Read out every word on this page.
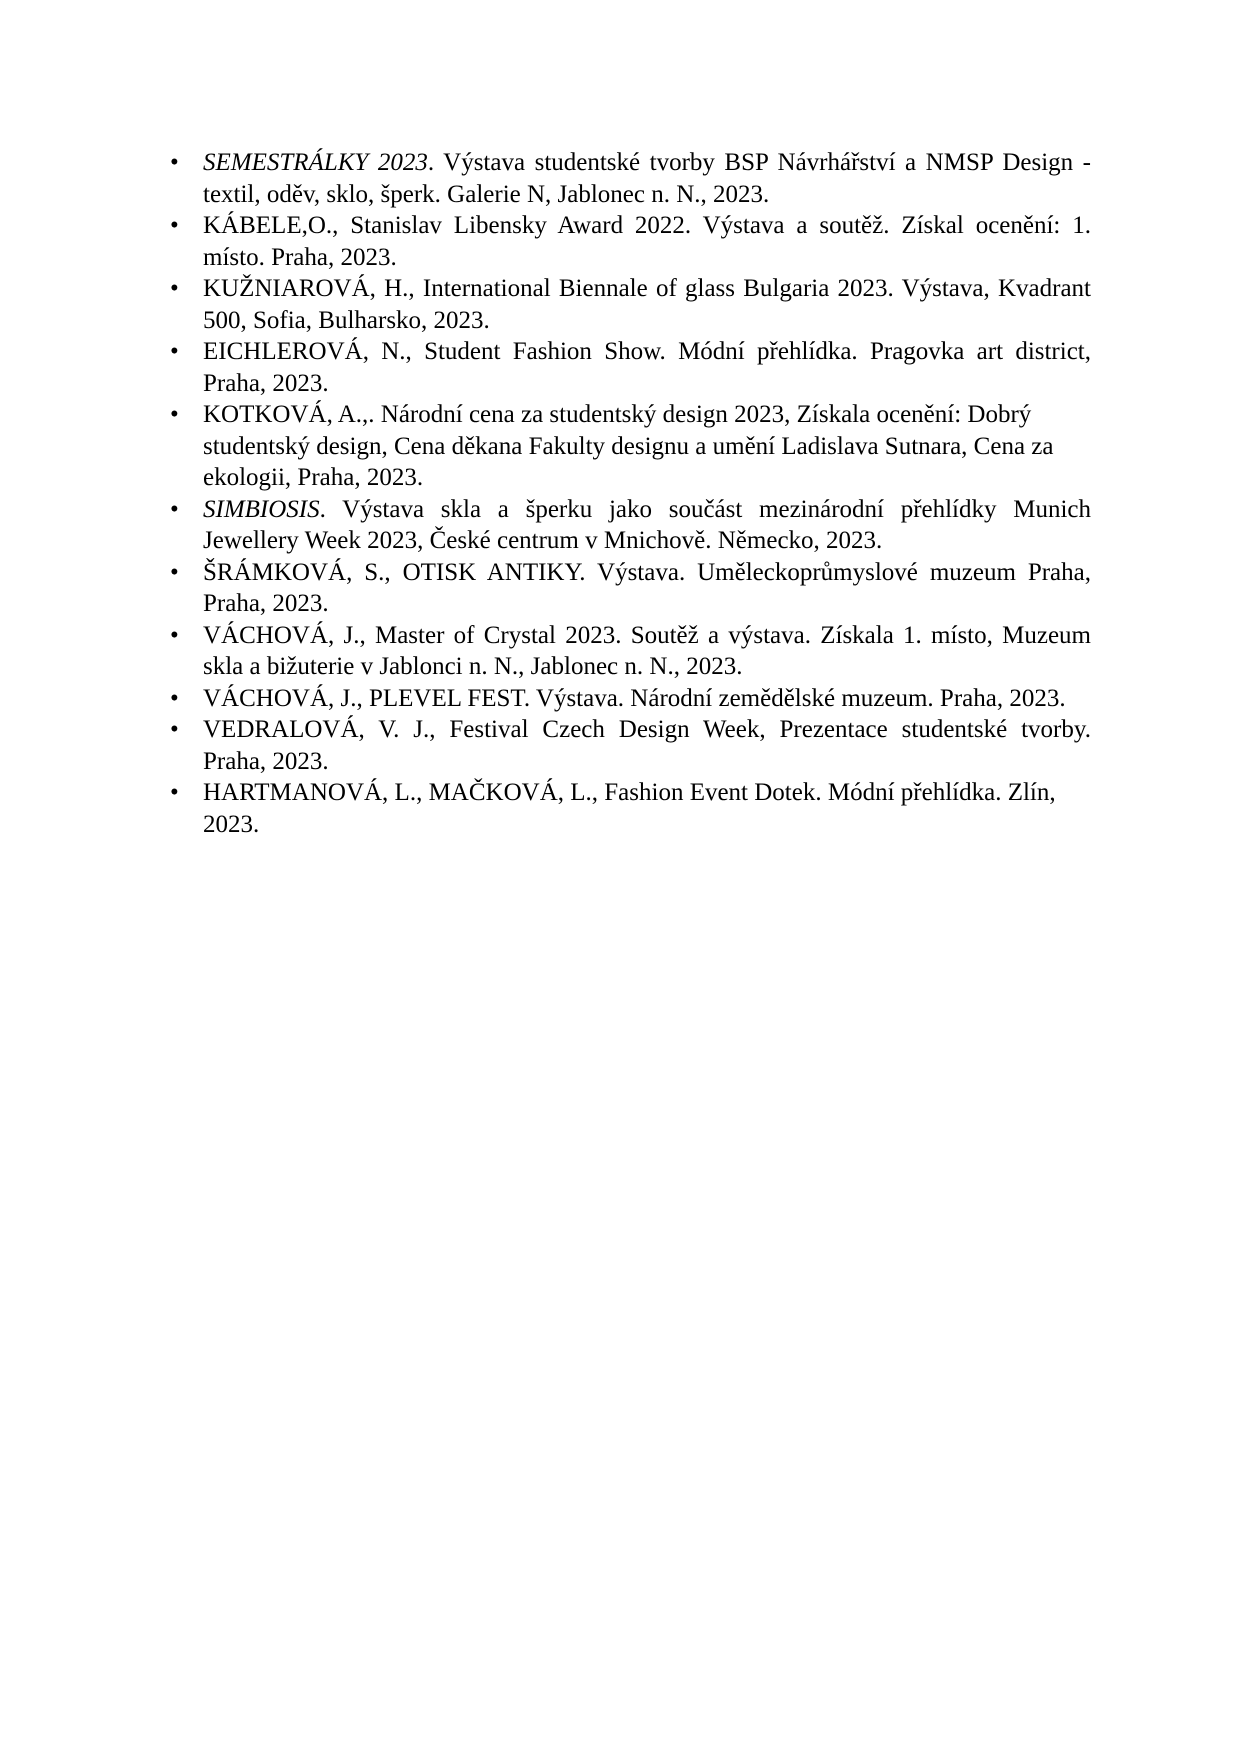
• SEMESTRÁLKY 2023. Výstava studentské tvorby BSP Návrhářství a NMSP Design - textil, oděv, sklo, šperk. Galerie N, Jablonec n. N., 2023.
• KÁBELE,O., Stanislav Libensky Award 2022. Výstava a soutěž. Získal ocenění: 1. místo. Praha, 2023.
• KUŽNIAROVÁ, H., International Biennale of glass Bulgaria 2023. Výstava, Kvadrant 500, Sofia, Bulharsko, 2023.
• EICHLEROVÁ, N., Student Fashion Show. Módní přehlídka. Pragovka art district, Praha, 2023.
• KOTKOVÁ, A.,. Národní cena za studentský design 2023, Získala ocenění: Dobrý studentský design, Cena děkana Fakulty designu a umění Ladislava Sutnara, Cena za ekologii, Praha, 2023.
• SIMBIOSIS. Výstava skla a šperku jako součást mezinárodní přehlídky Munich Jewellery Week 2023, České centrum v Mnichově. Německo, 2023.
• ŠRÁMKOVÁ, S., OTISK ANTIKY. Výstava. Uměleckoprůmyslové muzeum Praha, Praha, 2023.
• VÁCHOVÁ, J., Master of Crystal 2023. Soutěž a výstava. Získala 1. místo, Muzeum skla a bižuterie v Jablonci n. N., Jablonec n. N., 2023.
• VÁCHOVÁ, J., PLEVEL FEST. Výstava. Národní zemědělské muzeum. Praha, 2023.
• VEDRALOVÁ, V. J., Festival Czech Design Week, Prezentace studentské tvorby. Praha, 2023.
• HARTMANOVÁ, L., MAČKOVÁ, L., Fashion Event Dotek. Módní přehlídka. Zlín, 2023.
